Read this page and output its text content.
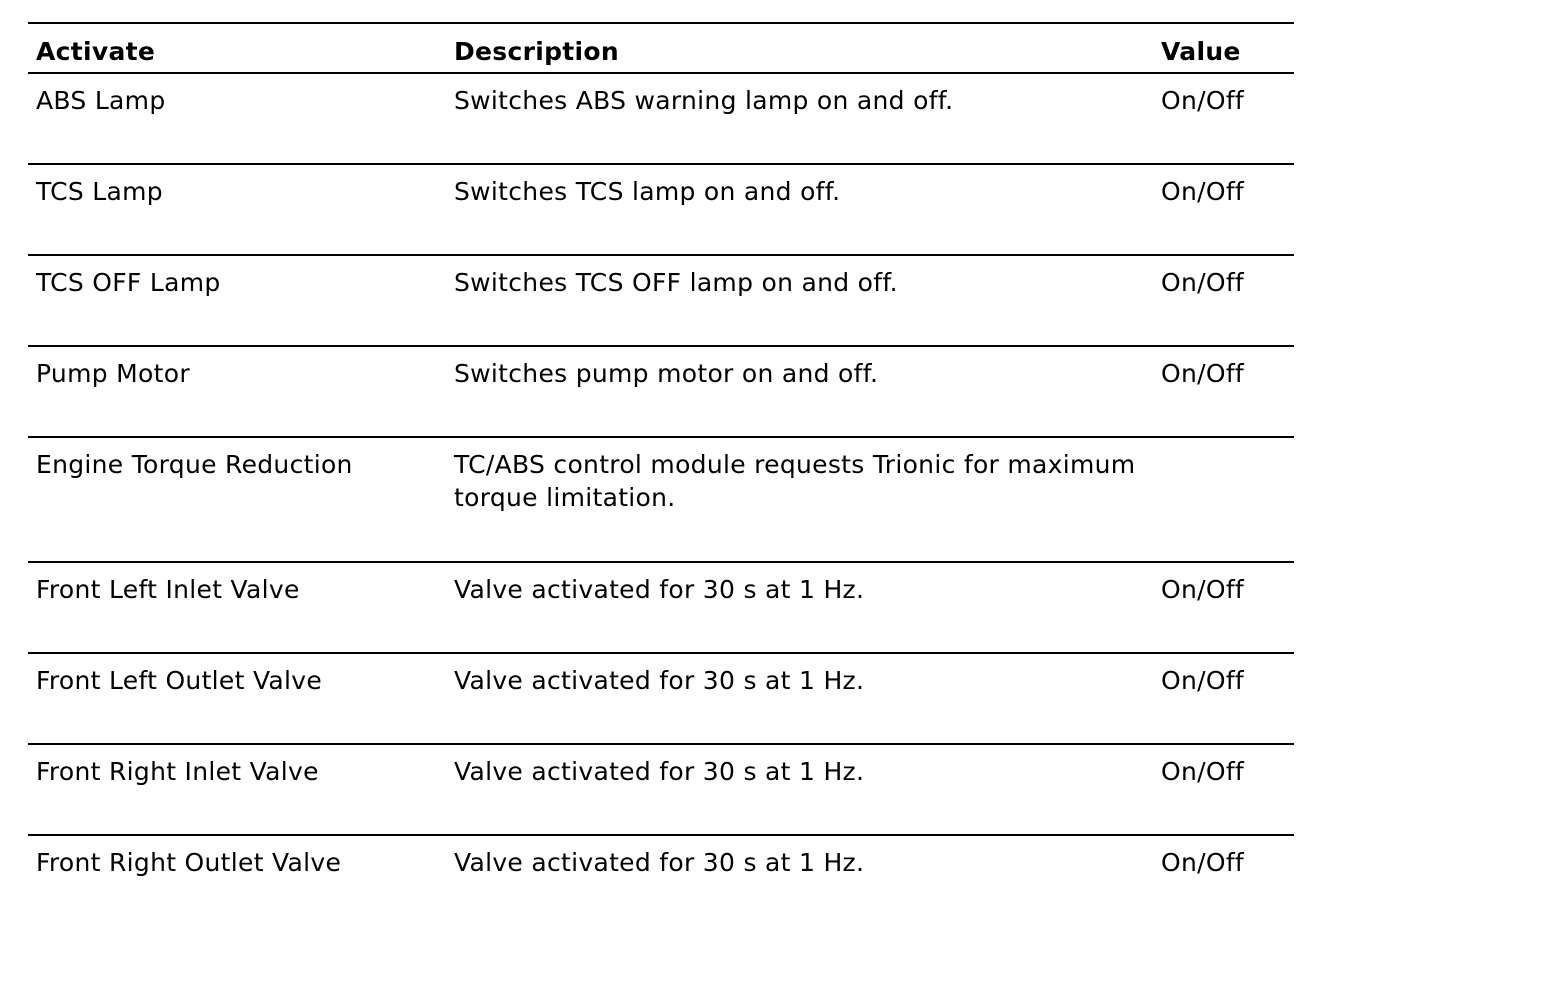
Activate	Description	Value
ABS Lamp	Switches ABS warning lamp on and off.	On/Off
TCS Lamp	Switches TCS lamp on and off.	On/Off
TCS OFF Lamp	Switches TCS OFF lamp on and off.	On/Off
Pump Motor	Switches pump motor on and off.	On/Off
Engine Torque Reduction	TC/ABS control module requests Trionic for maximum torque limitation.	
Front Left Inlet Valve	Valve activated for 30 s at 1 Hz.	On/Off
Front Left Outlet Valve	Valve activated for 30 s at 1 Hz.	On/Off
Front Right Inlet Valve	Valve activated for 30 s at 1 Hz.	On/Off
Front Right Outlet Valve	Valve activated for 30 s at 1 Hz.	On/Off
